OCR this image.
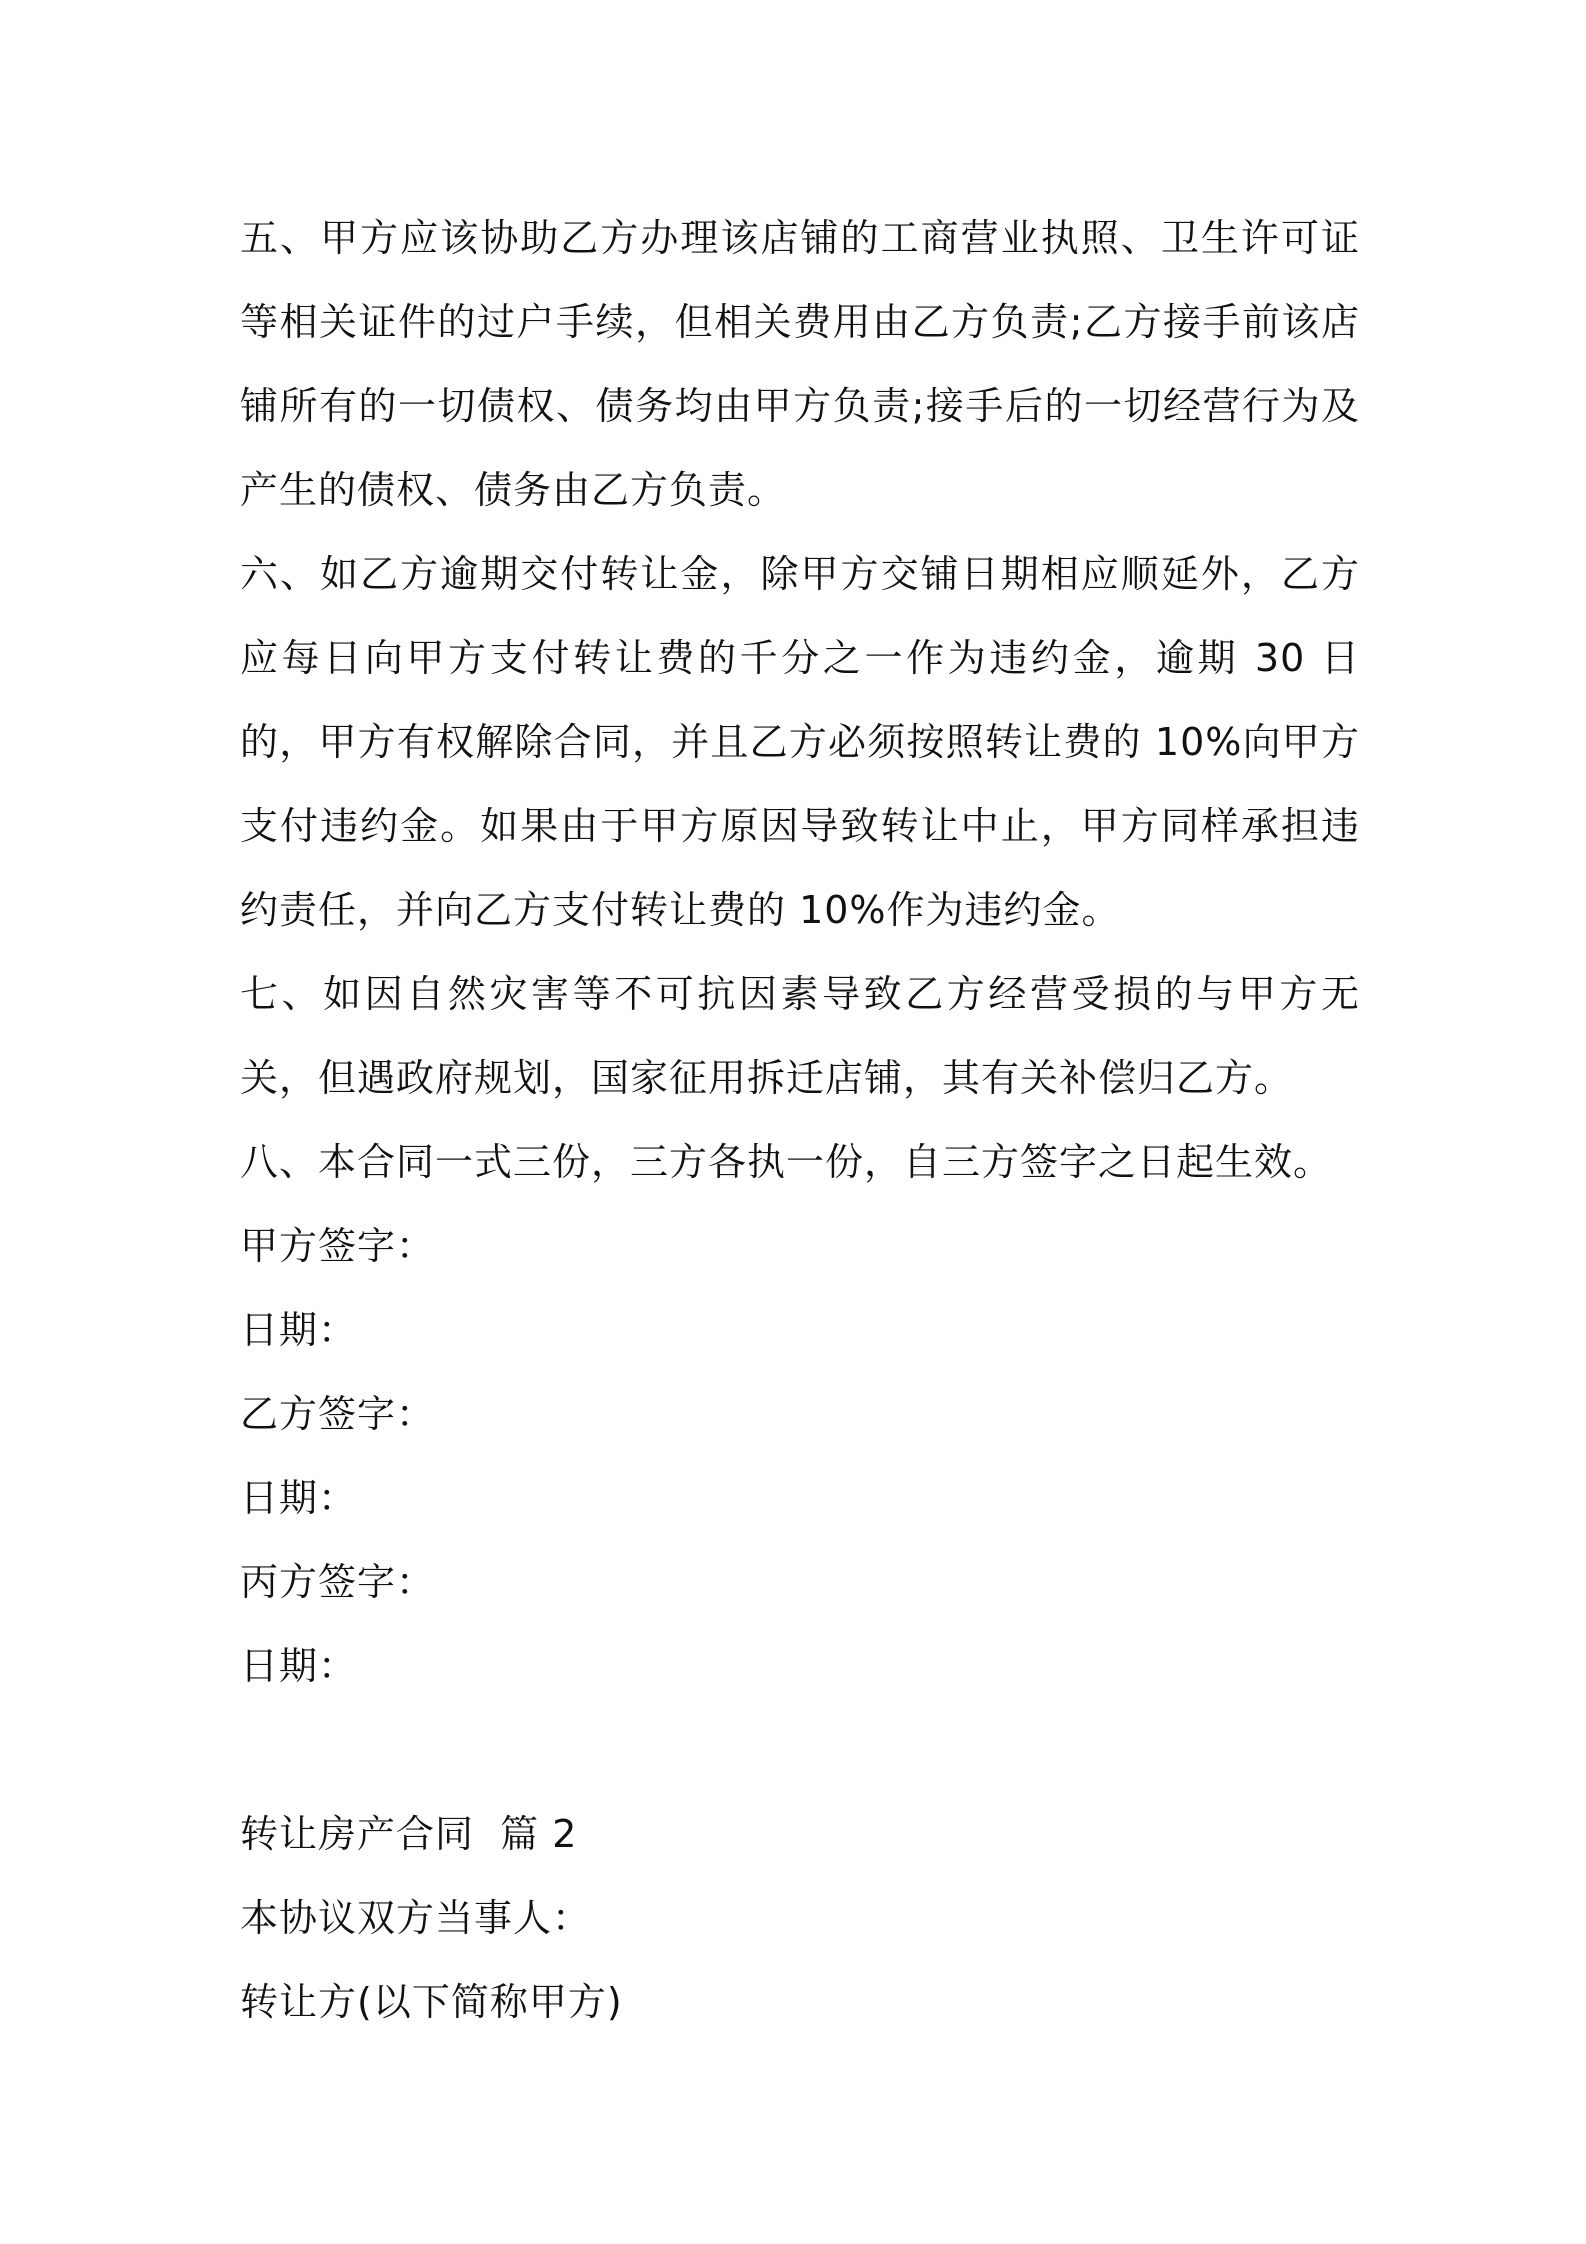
五、甲方应该协助乙方办理该店铺的工商营业执照、卫生许可证等相关证件的过户手续，但相关费用由乙方负责;乙方接手前该店铺所有的一切债权、债务均由甲方负责;接手后的一切经营行为及产生的债权、债务由乙方负责。

六、如乙方逾期交付转让金，除甲方交铺日期相应顺延外，乙方应每日向甲方支付转让费的千分之一作为违约金，逾期 30 日的，甲方有权解除合同，并且乙方必须按照转让费的 10%向甲方支付违约金。如果由于甲方原因导致转让中止，甲方同样承担违约责任，并向乙方支付转让费的 10%作为违约金。

七、如因自然灾害等不可抗因素导致乙方经营受损的与甲方无关，但遇政府规划，国家征用拆迁店铺，其有关补偿归乙方。

八、本合同一式三份，三方各执一份，自三方签字之日起生效。

甲方签字：

日期：

乙方签字：

日期：

丙方签字：

日期：

转让房产合同  篇 2

本协议双方当事人：

转让方(以下简称甲方)
